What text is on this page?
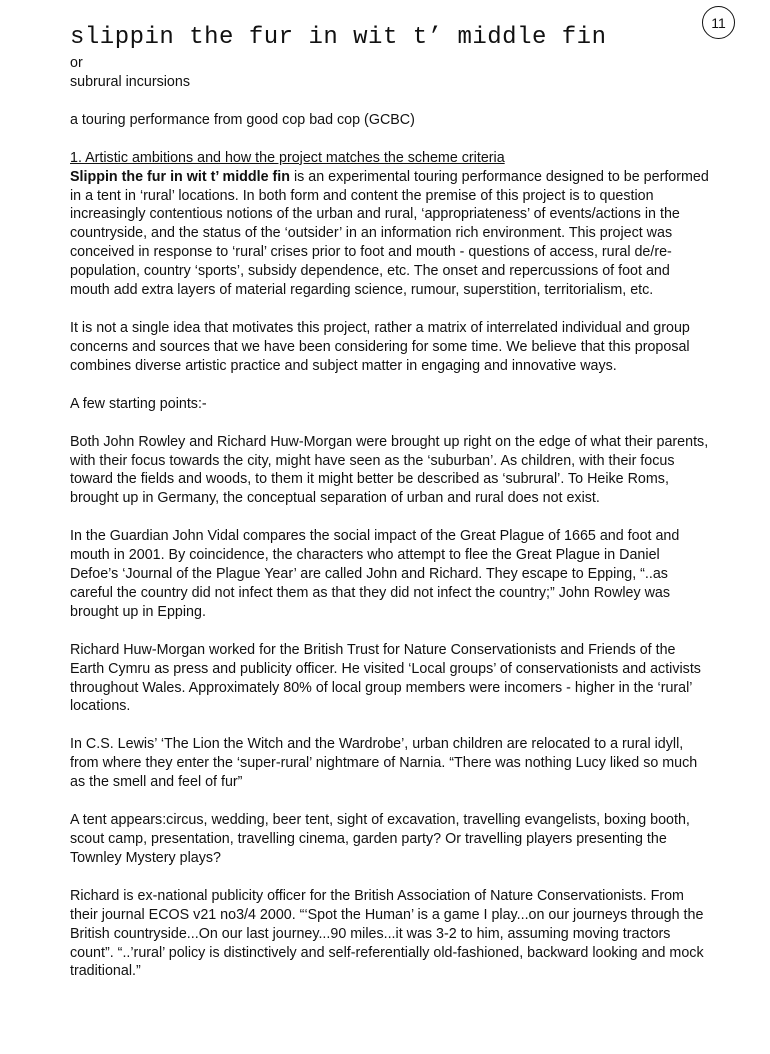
11
slippin the fur in wit t’ middle fin

or

subrural incursions

a touring performance from good cop bad cop (GCBC)

1. Artistic ambitions and how the project matches the scheme criteria

Slippin the fur in wit t’ middle fin is an experimental touring performance designed to be performed in a tent in ‘rural’ locations. In both form and content the premise of this project is to question increasingly contentious notions of the urban and rural, ‘appropriateness’ of events/actions in the countryside, and the status of the ‘outsider’ in an information rich environment. This project was conceived in response to ‘rural’ crises prior to foot and mouth - questions of access, rural de/re-population, country ‘sports’, subsidy dependence, etc. The onset and repercussions of foot and mouth add extra layers of material regarding science, rumour, superstition, territorialism, etc.

It is not a single idea that motivates this project, rather a matrix of interrelated individual and group concerns and sources that we have been considering for some time. We believe that this proposal combines diverse artistic practice and subject matter in engaging and innovative ways.

A few starting points:-

Both John Rowley and Richard Huw-Morgan were brought up right on the edge of what their parents, with their focus towards the city, might have seen as the ‘suburban’. As children, with their focus toward the fields and woods, to them it might better be described as ‘subrural’. To Heike Roms, brought up in Germany, the conceptual separation of urban and rural does not exist.

In the Guardian John Vidal compares the social impact of the Great Plague of 1665 and foot and mouth in 2001. By coincidence, the characters who attempt to flee the Great Plague in Daniel Defoe’s ‘Journal of the Plague Year’ are called John and Richard. They escape to Epping, “..as careful the country did not infect them as that they did not infect the country;” John Rowley was brought up in Epping.

Richard Huw-Morgan worked for the British Trust for Nature Conservationists and Friends of the Earth Cymru as press and publicity officer. He visited ‘Local groups’ of conservationists and activists throughout Wales. Approximately 80% of local group members were incomers - higher in the ‘rural’ locations.

In C.S. Lewis’ ‘The Lion the Witch and the Wardrobe’, urban children are relocated to a rural idyll, from where they enter the ‘super-rural’ nightmare of Narnia. “There was nothing Lucy liked so much as the smell and feel of fur”

A tent appears:circus, wedding, beer tent, sight of excavation, travelling evangelists, boxing booth, scout camp, presentation, travelling cinema, garden party? Or travelling players presenting the Townley Mystery plays?

Richard is ex-national publicity officer for the British Association of Nature Conservationists. From their journal ECOS v21 no3/4 2000. “‘Spot the Human’ is a game I play...on our journeys through the British countryside...On our last journey...90 miles...it was 3-2 to him, assuming moving tractors count”. “..’rural’ policy is distinctively and self-referentially old-fashioned, backward looking and mock traditional.”
